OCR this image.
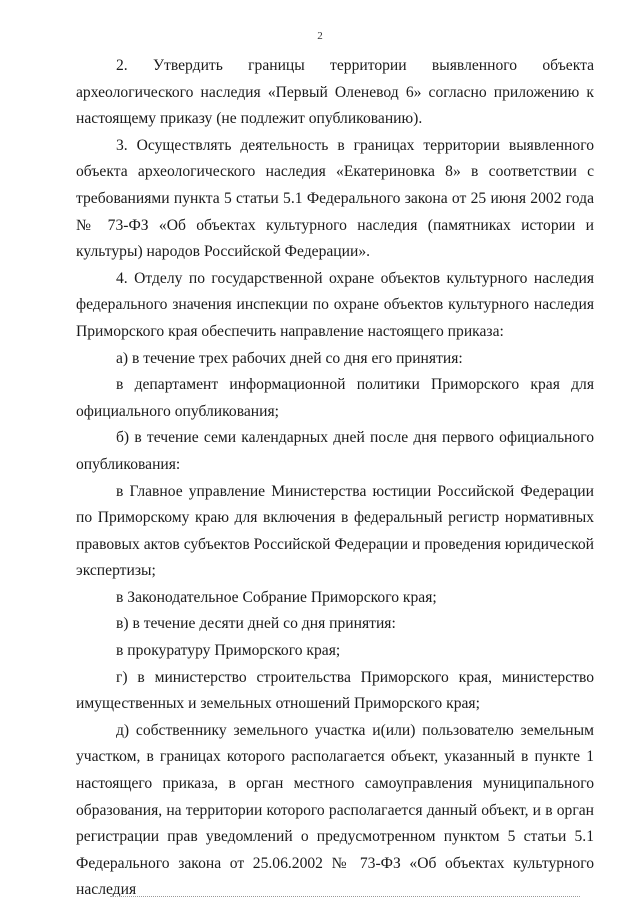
2

2. Утвердить границы территории выявленного объекта археологического наследия «Первый Оленевод 6» согласно приложению к настоящему приказу (не подлежит опубликованию).

3. Осуществлять деятельность в границах территории выявленного объекта археологического наследия «Екатериновка 8» в соответствии с требованиями пункта 5 статьи 5.1 Федерального закона от 25 июня 2002 года № 73-ФЗ «Об объектах культурного наследия (памятниках истории и культуры) народов Российской Федерации».

4. Отделу по государственной охране объектов культурного наследия федерального значения инспекции по охране объектов культурного наследия Приморского края обеспечить направление настоящего приказа:

а) в течение трех рабочих дней со дня его принятия:

в департамент информационной политики Приморского края для официального опубликования;

б) в течение семи календарных дней после дня первого официального опубликования:

в Главное управление Министерства юстиции Российской Федерации по Приморскому краю для включения в федеральный регистр нормативных правовых актов субъектов Российской Федерации и проведения юридической экспертизы;

в Законодательное Собрание Приморского края;

в) в течение десяти дней со дня принятия:

в прокуратуру Приморского края;

г) в министерство строительства Приморского края, министерство имущественных и земельных отношений Приморского края;

д) собственнику земельного участка и(или) пользователю земельным участком, в границах которого располагается объект, указанный в пункте 1 настоящего приказа, в орган местного самоуправления муниципального образования, на территории которого располагается данный объект, и в орган регистрации прав уведомлений о предусмотренном пунктом 5 статьи 5.1 Федерального закона от 25.06.2002 № 73-ФЗ «Об объектах культурного наследия
